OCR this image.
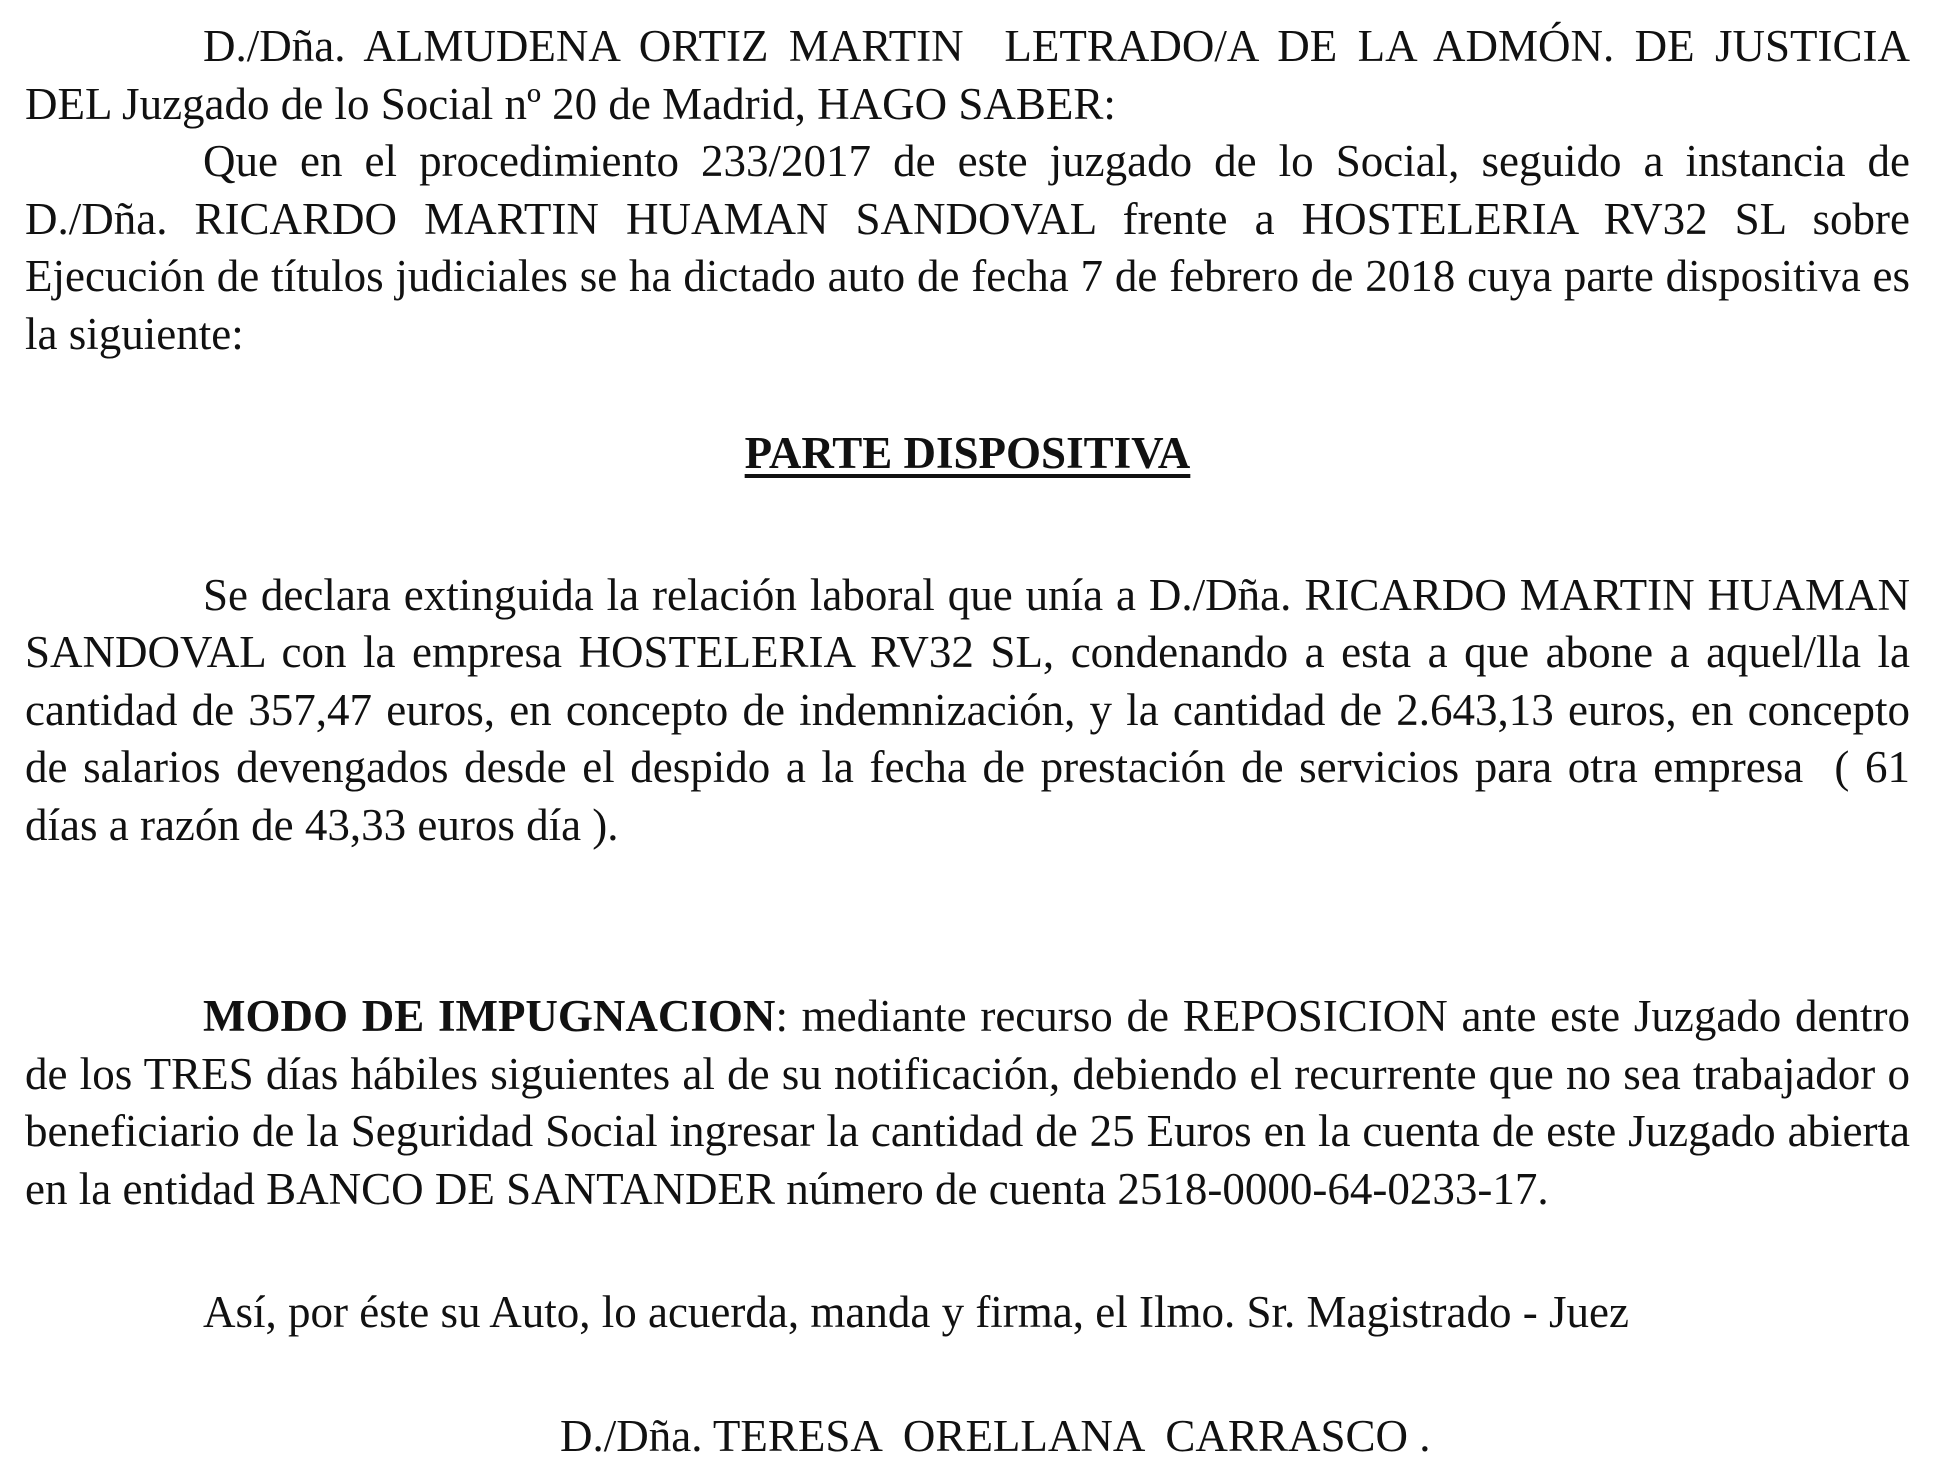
D./Dña. ALMUDENA ORTIZ MARTIN  LETRADO/A DE LA ADMÓN. DE JUSTICIA DEL Juzgado de lo Social nº 20 de Madrid, HAGO SABER:

Que en el procedimiento 233/2017 de este juzgado de lo Social, seguido a instancia de D./Dña. RICARDO MARTIN HUAMAN SANDOVAL frente a HOSTELERIA RV32 SL sobre Ejecución de títulos judiciales se ha dictado auto de fecha 7 de febrero de 2018 cuya parte dispositiva es la siguiente:

PARTE DISPOSITIVA

Se declara extinguida la relación laboral que unía a D./Dña. RICARDO MARTIN HUAMAN SANDOVAL con la empresa HOSTELERIA RV32 SL, condenando a esta a que abone a aquel/lla la cantidad de 357,47 euros, en concepto de indemnización, y la cantidad de 2.643,13 euros, en concepto de salarios devengados desde el despido a la fecha de prestación de servicios para otra empresa  ( 61 días a razón de 43,33 euros día ).

MODO DE IMPUGNACION: mediante recurso de REPOSICION ante este Juzgado dentro de los TRES días hábiles siguientes al de su notificación, debiendo el recurrente que no sea trabajador o beneficiario de la Seguridad Social ingresar la cantidad de 25 Euros en la cuenta de este Juzgado abierta en la entidad BANCO DE SANTANDER número de cuenta 2518-0000-64-0233-17.

Así, por éste su Auto, lo acuerda, manda y firma, el Ilmo. Sr. Magistrado - Juez

D./Dña. TERESA  ORELLANA  CARRASCO .
